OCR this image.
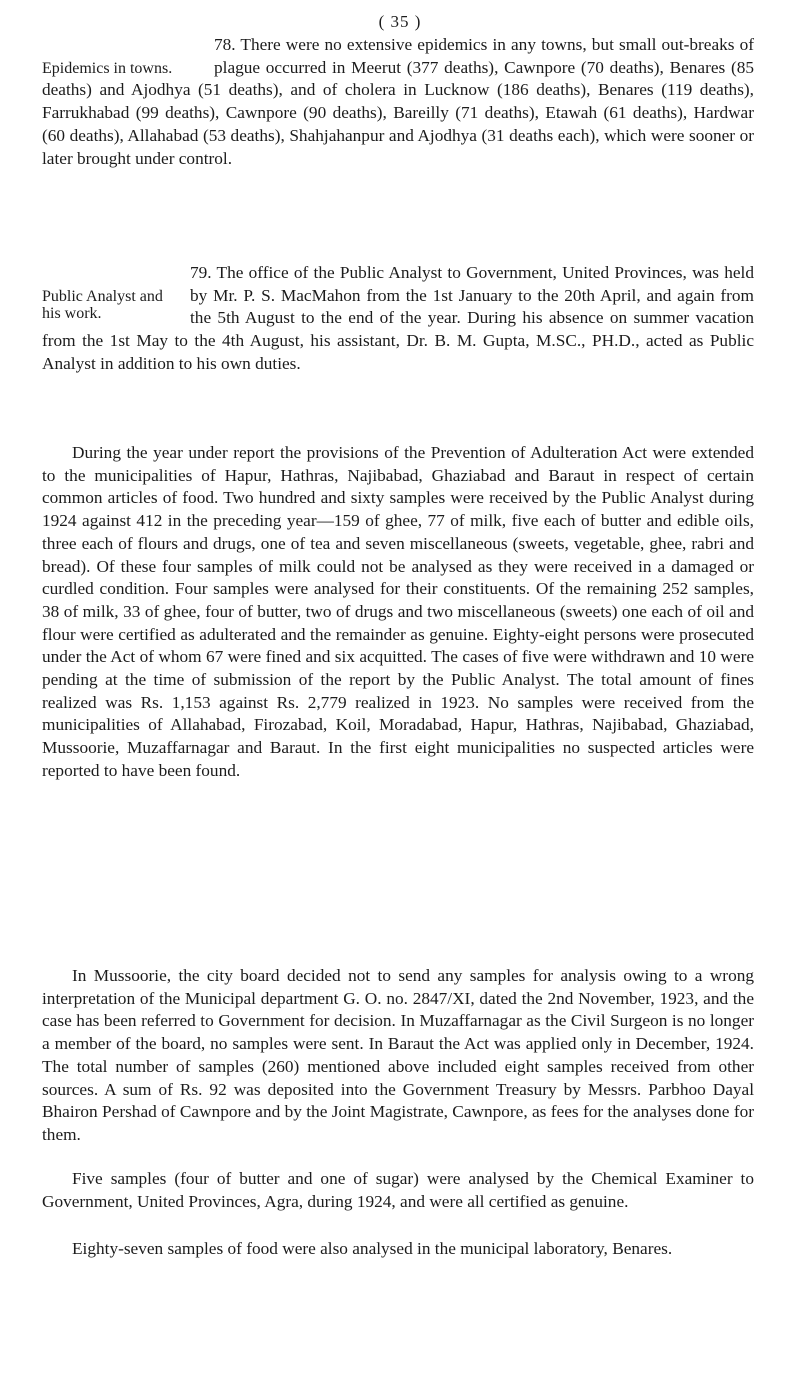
( 35 )
Epidemics in towns.

78. There were no extensive epidemics in any towns, but small out-breaks of plague occurred in Meerut (377 deaths), Cawnpore (70 deaths), Benares (85 deaths) and Ajodhya (51 deaths), and of cholera in Lucknow (186 deaths), Benares (119 deaths), Farrukhabad (99 deaths), Cawnpore (90 deaths), Bareilly (71 deaths), Etawah (61 deaths), Hardwar (60 deaths), Allahabad (53 deaths), Shahjahanpur and Ajodhya (31 deaths each), which were sooner or later brought under control.

Public Analyst and his work.

79. The office of the Public Analyst to Government, United Provinces, was held by Mr. P. S. MacMahon from the 1st January to the 20th April, and again from the 5th August to the end of the year. During his absence on summer vacation from the 1st May to the 4th August, his assistant, Dr. B. M. Gupta, M.SC., PH.D., acted as Public Analyst in addition to his own duties.

During the year under report the provisions of the Prevention of Adulteration Act were extended to the municipalities of Hapur, Hathras, Najibabad, Ghaziabad and Baraut in respect of certain common articles of food. Two hundred and sixty samples were received by the Public Analyst during 1924 against 412 in the preceding year—159 of ghee, 77 of milk, five each of butter and edible oils, three each of flours and drugs, one of tea and seven miscellaneous (sweets, vegetable, ghee, rabri and bread). Of these four samples of milk could not be analysed as they were received in a damaged or curdled condition. Four samples were analysed for their constituents. Of the remaining 252 samples, 38 of milk, 33 of ghee, four of butter, two of drugs and two miscellaneous (sweets) one each of oil and flour were certified as adulterated and the remainder as genuine. Eighty-eight persons were prosecuted under the Act of whom 67 were fined and six acquitted. The cases of five were withdrawn and 10 were pending at the time of submission of the report by the Public Analyst. The total amount of fines realized was Rs. 1,153 against Rs. 2,779 realized in 1923. No samples were received from the municipalities of Allahabad, Firozabad, Koil, Moradabad, Hapur, Hathras, Najibabad, Ghaziabad, Mussoorie, Muzaffarnagar and Baraut. In the first eight municipalities no suspected articles were reported to have been found.

In Mussoorie, the city board decided not to send any samples for analysis owing to a wrong interpretation of the Municipal department G. O. no. 2847/XI, dated the 2nd November, 1923, and the case has been referred to Government for decision. In Muzaffarnagar as the Civil Surgeon is no longer a member of the board, no samples were sent. In Baraut the Act was applied only in December, 1924. The total number of samples (260) mentioned above included eight samples received from other sources. A sum of Rs. 92 was deposited into the Government Treasury by Messrs. Parbhoo Dayal Bhairon Pershad of Cawnpore and by the Joint Magistrate, Cawnpore, as fees for the analyses done for them.

Five samples (four of butter and one of sugar) were analysed by the Chemical Examiner to Government, United Provinces, Agra, during 1924, and were all certified as genuine.

Eighty-seven samples of food were also analysed in the municipal laboratory, Benares.
